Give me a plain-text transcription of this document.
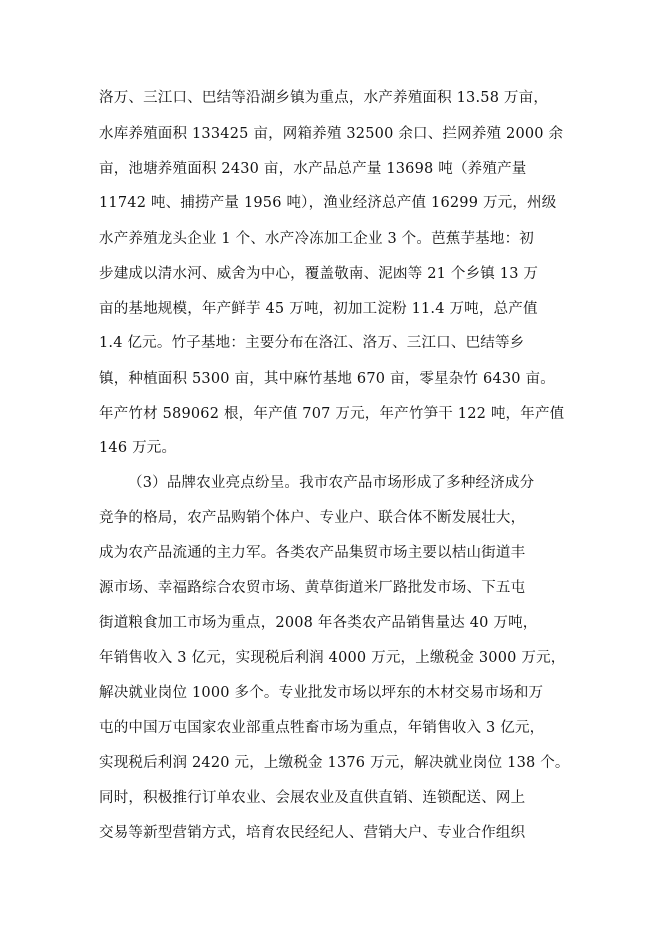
洛万、三江口、巴结等沿湖乡镇为重点，水产养殖面积 13.58 万亩，
水库养殖面积 133425 亩，网箱养殖 32500 余口、拦网养殖 2000 余
亩，池塘养殖面积 2430 亩，水产品总产量 13698 吨（养殖产量
11742 吨、捕捞产量 1956 吨），渔业经济总产值 16299 万元，州级
水产养殖龙头企业 1 个、水产冷冻加工企业 3 个。芭蕉芋基地：初
步建成以清水河、威舍为中心，覆盖敬南、泥凼等 21 个乡镇 13 万
亩的基地规模，年产鲜芋 45 万吨，初加工淀粉 11.4 万吨，总产值
1.4 亿元。竹子基地：主要分布在洛江、洛万、三江口、巴结等乡
镇，种植面积 5300 亩，其中麻竹基地 670 亩，零星杂竹 6430 亩。
年产竹材 589062 根，年产值 707 万元，年产竹笋干 122 吨，年产值
146 万元。
（3）品牌农业亮点纷呈。我市农产品市场形成了多种经济成分
竞争的格局，农产品购销个体户、专业户、联合体不断发展壮大，
成为农产品流通的主力军。各类农产品集贸市场主要以桔山街道丰
源市场、幸福路综合农贸市场、黄草街道米厂路批发市场、下五屯
街道粮食加工市场为重点，2008 年各类农产品销售量达 40 万吨，
年销售收入 3 亿元，实现税后利润 4000 万元，上缴税金 3000 万元，
解决就业岗位 1000 多个。专业批发市场以坪东的木材交易市场和万
屯的中国万屯国家农业部重点牲畜市场为重点，年销售收入 3 亿元，
实现税后利润 2420 元，上缴税金 1376 万元，解决就业岗位 138 个。
同时，积极推行订单农业、会展农业及直供直销、连锁配送、网上
交易等新型营销方式，培育农民经纪人、营销大户、专业合作组织
